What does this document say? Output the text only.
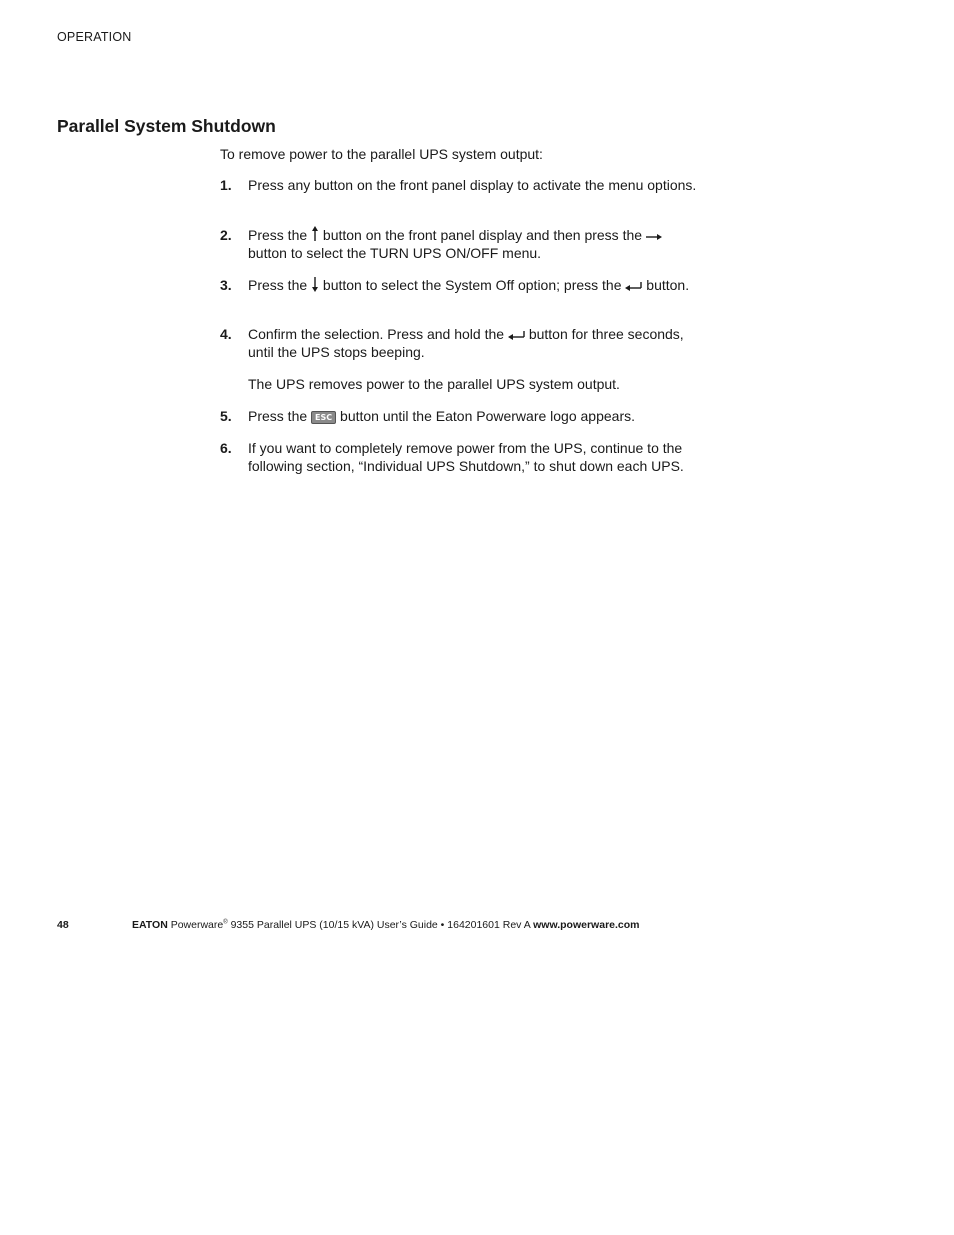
OPERATION
Parallel System Shutdown
To remove power to the parallel UPS system output:
1. Press any button on the front panel display to activate the menu options.
2. Press the button on the front panel display and then press the  button to select the TURN UPS ON/OFF menu.
3. Press the button to select the System Off option; press the button.
4. Confirm the selection. Press and hold the button for three seconds, until the UPS stops beeping.
The UPS removes power to the parallel UPS system output.
5. Press the ESC button until the Eaton Powerware logo appears.
6. If you want to completely remove power from the UPS, continue to the following section, “Individual UPS Shutdown,” to shut down each UPS.
48	EATON Powerware® 9355 Parallel UPS (10/15 kVA) User’s Guide • 164201601 Rev A www.powerware.com
